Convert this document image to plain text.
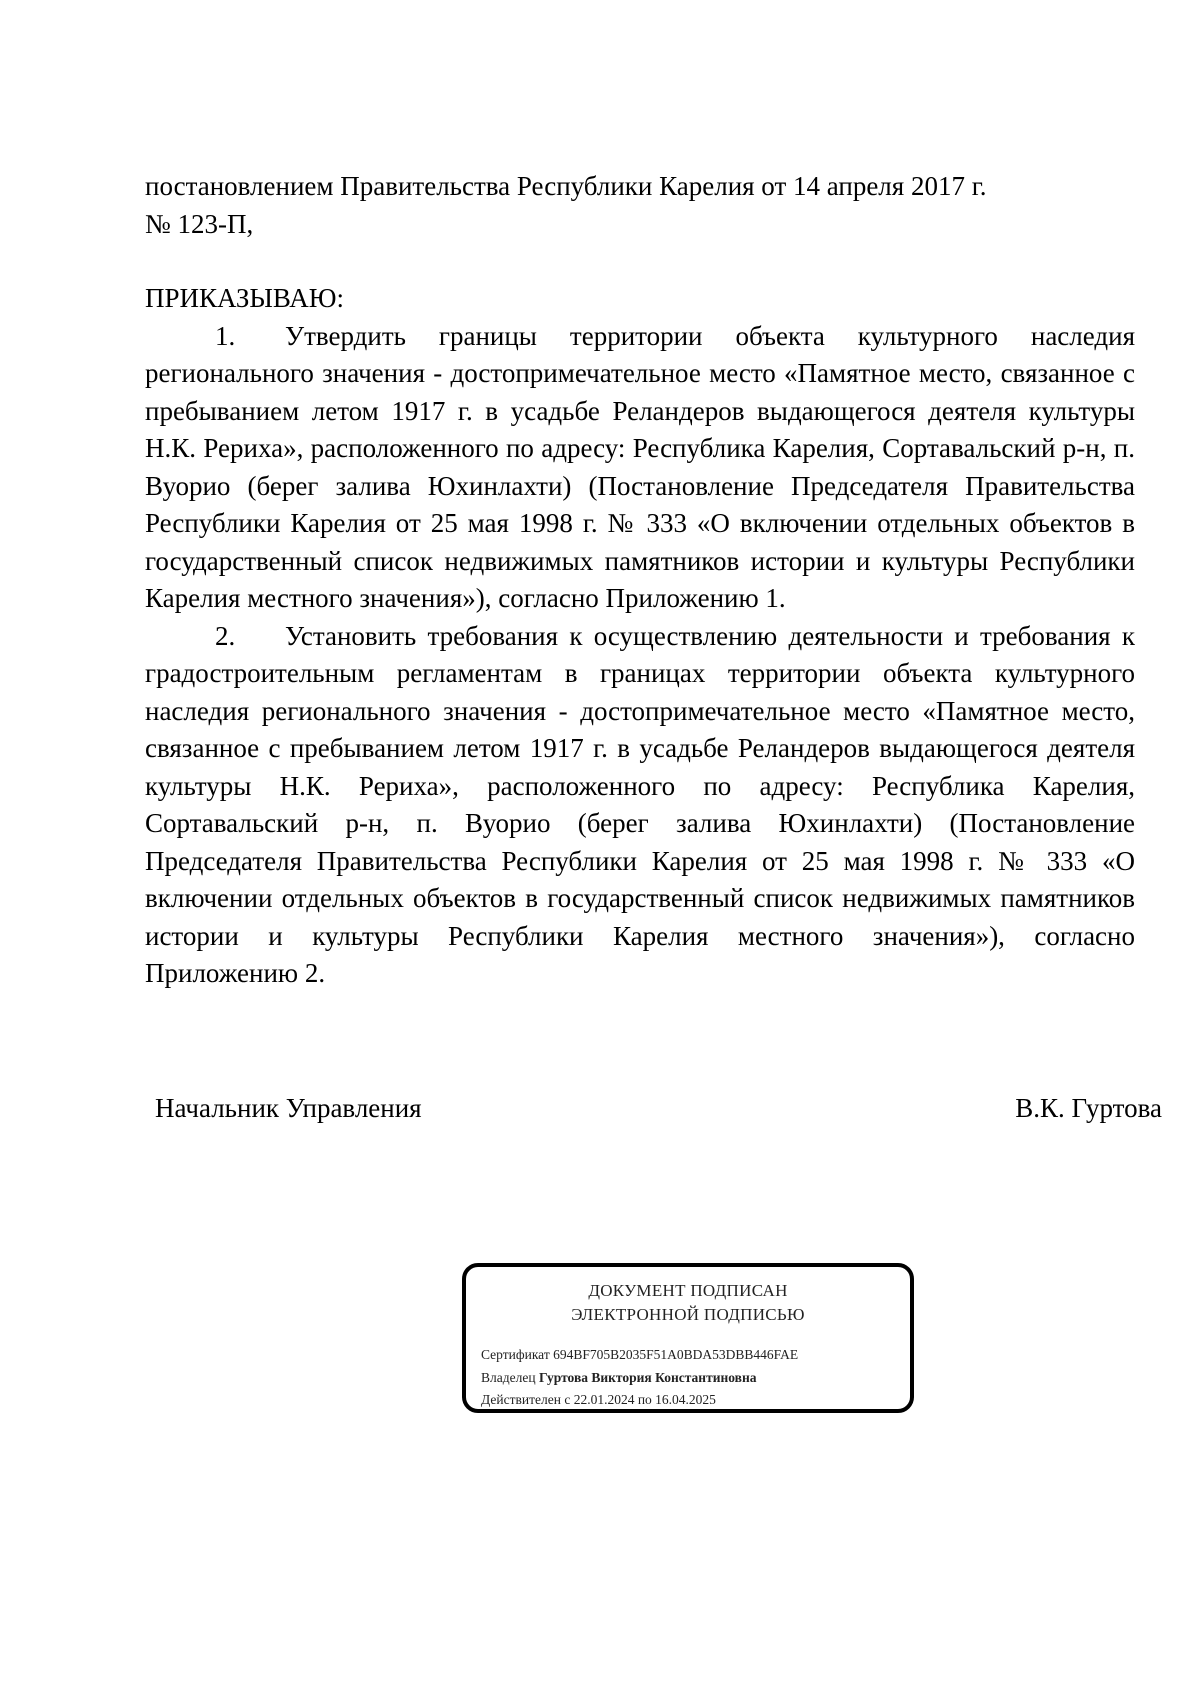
постановлением Правительства Республики Карелия от 14 апреля 2017 г.

№ 123-П,

ПРИКАЗЫВАЮ:

1. Утвердить границы территории объекта культурного наследия регионального значения - достопримечательное место «Памятное место, связанное с пребыванием летом 1917 г. в усадьбе Реландеров выдающегося деятеля культуры Н.К. Рериха», расположенного по адресу: Республика Карелия, Сортавальский р-н, п. Вуорио (берег залива Юхинлахти) (Постановление Председателя Правительства Республики Карелия от 25 мая 1998 г. № 333 «О включении отдельных объектов в государственный список недвижимых памятников истории и культуры Республики Карелия местного значения»), согласно Приложению 1.

2. Установить требования к осуществлению деятельности и требования к градостроительным регламентам в границах территории объекта культурного наследия регионального значения - достопримечательное место «Памятное место, связанное с пребыванием летом 1917 г. в усадьбе Реландеров выдающегося деятеля культуры Н.К. Рериха», расположенного по адресу: Республика Карелия, Сортавальский р-н, п. Вуорио (берег залива Юхинлахти) (Постановление Председателя Правительства Республики Карелия от 25 мая 1998 г. № 333 «О включении отдельных объектов в государственный список недвижимых памятников истории и культуры Республики Карелия местного значения»), согласно Приложению 2.

Начальник Управления	В.К. Гуртова
ДОКУМЕНТ ПОДПИСАН
ЭЛЕКТРОННОЙ ПОДПИСЬЮ
Сертификат 694BF705B2035F51A0BDA53DBB446FAE
Владелец Гуртова Виктория Константиновна
Действителен с 22.01.2024 по 16.04.2025
